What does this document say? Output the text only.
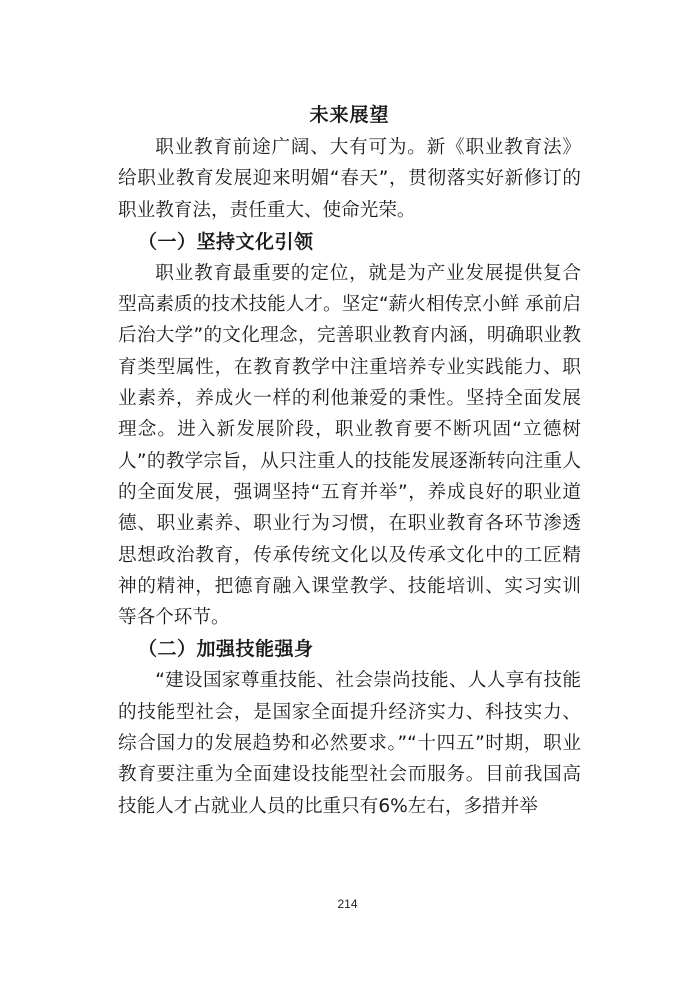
未来展望

职业教育前途广阔、大有可为。新《职业教育法》给职业教育发展迎来明媚“春天”，贯彻落实好新修订的职业教育法，责任重大、使命光荣。

（一）坚持文化引领

职业教育最重要的定位，就是为产业发展提供复合型高素质的技术技能人才。坚定“薪火相传烹小鲜 承前启后治大学”的文化理念，完善职业教育内涵，明确职业教育类型属性，在教育教学中注重培养专业实践能力、职业素养，养成火一样的利他兼爱的秉性。坚持全面发展理念。进入新发展阶段，职业教育要不断巩固“立德树人”的教学宗旨，从只注重人的技能发展逐渐转向注重人的全面发展，强调坚持“五育并举”，养成良好的职业道德、职业素养、职业行为习惯，在职业教育各环节渗透思想政治教育，传承传统文化以及传承文化中的工匠精神的精神，把德育融入课堂教学、技能培训、实习实训等各个环节。

（二）加强技能强身

“建设国家尊重技能、社会崇尚技能、人人享有技能的技能型社会，是国家全面提升经济实力、科技实力、综合国力的发展趋势和必然要求。”“十四五”时期，职业教育要注重为全面建设技能型社会而服务。目前我国高技能人才占就业人员的比重只有6%左右，多措并举

214
